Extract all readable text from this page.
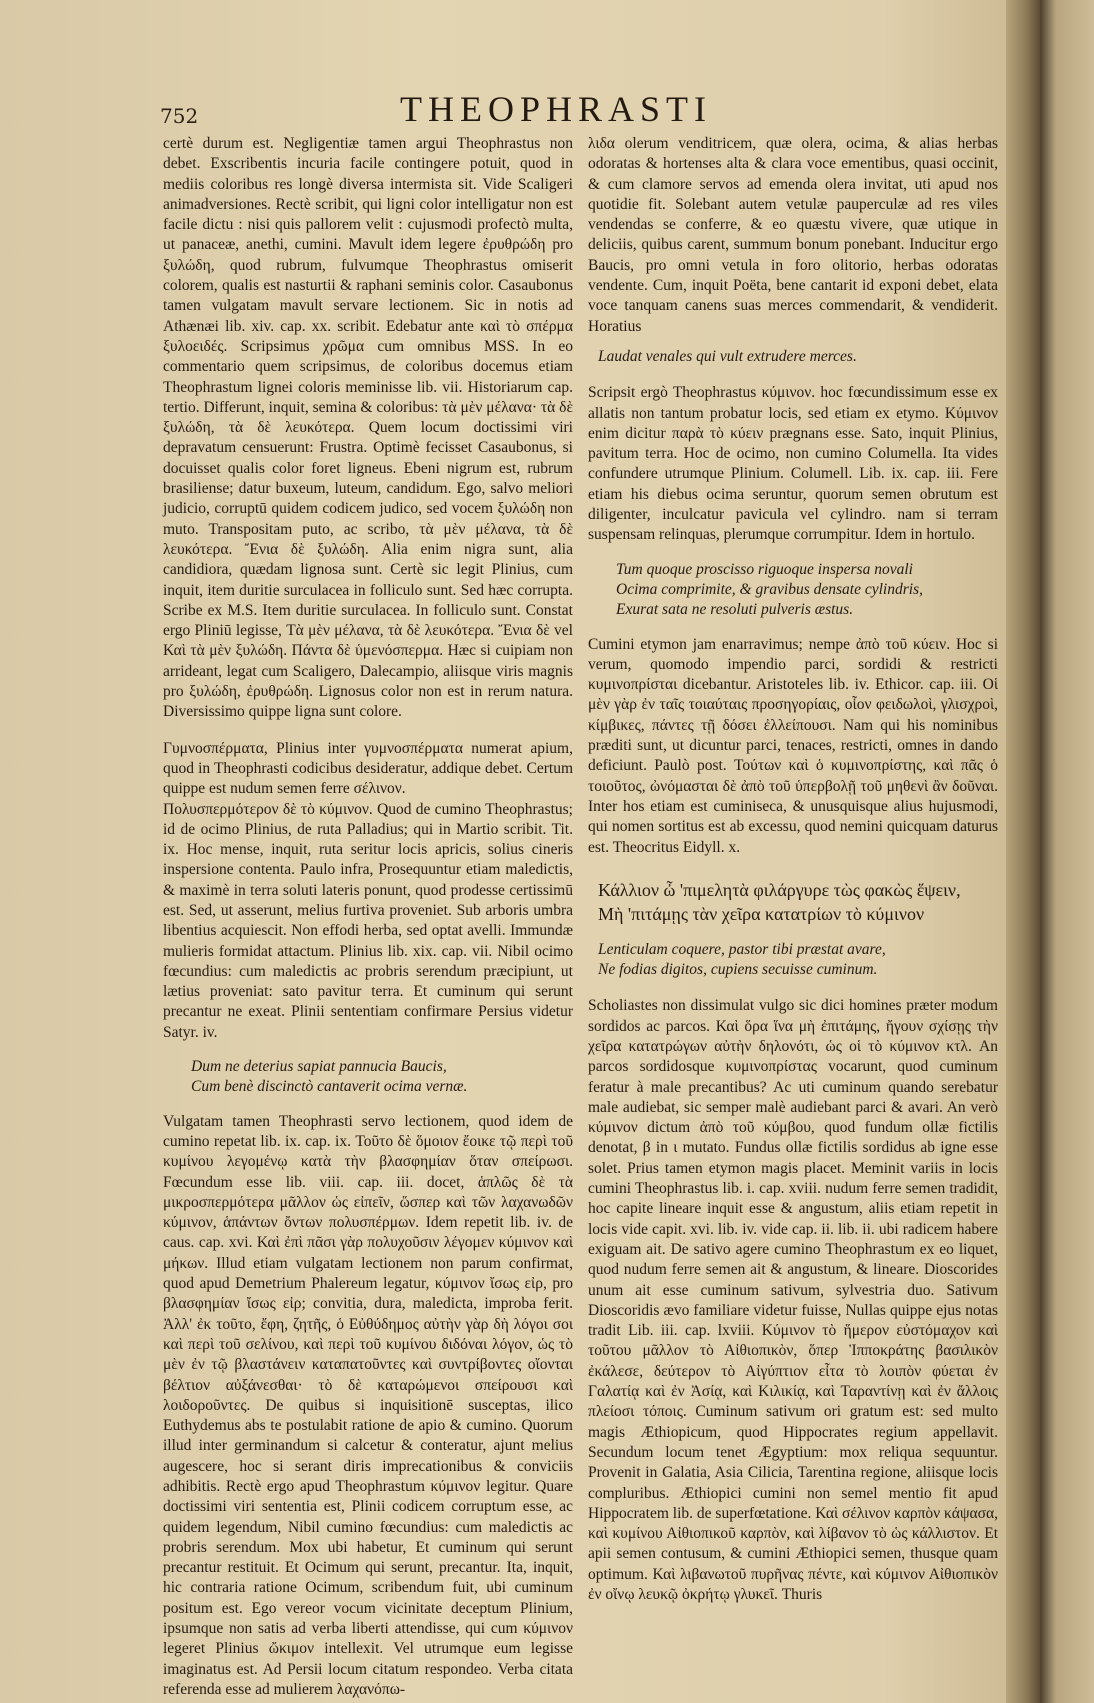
752	THEOPHRASTI

certè durum est. Negligentiæ tamen argui Theophrastus non debet. Exscribentis incuria facile contingere potuit, quod in mediis coloribus res longè diversa intermista sit. Vide Scaligeri animadversiones. Rectè scribit, qui ligni color intelligatur non est facile dictu : nisi quis pallorem velit : cujusmodi profectò multa, ut panaceæ, anethi, cumini. Mavult idem legere ἐρυθρώδη pro ξυλώδη, quod rubrum, fulvumque Theophrastus omiserit colorem, qualis est nasturtii & raphani seminis color. Casaubonus tamen vulgatam mavult servare lectionem. Sic in notis ad Athænæi lib. xiv. cap. xx. scribit. Edebatur ante καὶ τὸ σπέρμα ξυλοειδές. Scripsimus χρῶμα cum omnibus MSS. In eo commentario quem scripsimus, de coloribus docemus etiam Theophrastum lignei coloris meminisse lib. vii. Historiarum cap. tertio. Differunt, inquit, semina & coloribus: τὰ μὲν μέλανα· τὰ δὲ ξυλώδη, τὰ δὲ λευκότερα. Quem locum doctissimi viri depravatum censuerunt: Frustra. Optimè fecisset Casaubonus, si docuisset qualis color foret ligneus. Ebeni nigrum est, rubrum brasiliense; datur buxeum, luteum, candidum. Ego, salvo meliori judicio, corruptū quidem codicem judico, sed vocem ξυλώδη non muto. Transpositam puto, ac scribo, τὰ μὲν μέλανα, τὰ δὲ λευκότερα. Ἔνια δὲ ξυλώδη. Alia enim nigra sunt, alia candidiora, quædam lignosa sunt. Certè sic legit Plinius, cum inquit, item duritie surculacea in folliculo sunt. Sed hæc corrupta. Scribe ex M.S. Item duritie surculacea. In folliculo sunt. Constat ergo Pliniū legisse, Τὰ μὲν μέλανα, τὰ δὲ λευκότερα. Ἔνια δὲ vel Καὶ τὰ μὲν ξυλώδη. Πάντα δὲ ὑμενόσπερμα. Hæc si cuipiam non arrideant, legat cum Scaligero, Dalecampio, aliisque viris magnis pro ξυλώδη, ἐρυθρώδη. Lignosus color non est in rerum natura. Diversissimo quippe ligna sunt colore.

Γυμνοσπέρματα, Plinius inter γυμνοσπέρματα numerat apium, quod in Theophrasti codicibus desideratur, addique debet. Certum quippe est nudum semen ferre σέλινον.

Πολυσπερμότερον δὲ τὸ κύμινον. Quod de cumino Theophrastus; id de ocimo Plinius, de ruta Palladius; qui in Martio scribit. Tit. ix. Hoc mense, inquit, ruta seritur locis apricis, solius cineris inspersione contenta. Paulo infra, Prosequuntur etiam maledictis, & maximè in terra soluti lateris ponunt, quod prodesse certissimū est. Sed, ut asserunt, melius furtiva proveniet. Sub arboris umbra libentius acquiescit. Non effodi herba, sed optat avelli. Immundæ mulieris formidat attactum. Plinius lib. xix. cap. vii. Nibil ocimo fœcundius: cum maledictis ac probris serendum præcipiunt, ut lætius proveniat: sato pavitur terra. Et cuminum qui serunt precantur ne exeat. Plinii sententiam confirmare Persius videtur Satyr. iv.

Dum ne deterius sapiat pannucia Baucis,
Cum benè discinctò cantaverit ocima vernæ.

Vulgatam tamen Theophrasti servo lectionem, quod idem de cumino repetat lib. ix. cap. ix. Τοῦτο δὲ ὅμοιον ἔοικε τῷ περὶ τοῦ κυμίνου λεγομένῳ κατὰ τὴν βλασφημίαν ὅταν σπείρωσι. Fœcundum esse lib. viii. cap. iii. docet, ἁπλῶς δὲ τὰ μικροσπερμότερα μᾶλλον ὡς εἰπεῖν, ὥσπερ καὶ τῶν λαχανωδῶν κύμινον, ἁπάντων ὄντων πολυσπέρμων. Idem repetit lib. iv. de caus. cap. xvi. Καὶ ἐπὶ πᾶσι γὰρ πολυχοῦσιν λέγομεν κύμινον καὶ μήκων. Illud etiam vulgatam lectionem non parum confirmat, quod apud Demetrium Phalereum legatur, κύμινον ἴσως εἰρ, pro βλασφημίαν ἴσως εἰρ; convitia, dura, maledicta, improba ferit. Ἀλλ' ἐκ τοῦτο, ἔφη, ζητῆς, ὁ Εὐθύδημος αὐτὴν γὰρ δὴ λόγοι σοι καὶ περὶ τοῦ σελίνου, καὶ περὶ τοῦ κυμίνου διδόναι λόγον, ὡς τὸ μὲν ἐν τῷ βλαστάνειν καταπατοῦντες καὶ συντρίβοντες οἴονται βέλτιον αὐξάνεσθαι· τὸ δὲ καταρώμενοι σπείρουσι καὶ λοιδοροῦντες. De quibus si inquisitionē susceptas, ilico Euthydemus abs te postulabit ratione de apio & cumino. Quorum illud inter germinandum si calcetur & conteratur, ajunt melius augescere, hoc si serant diris imprecationibus & conviciis adhibitis. Rectè ergo apud Theophrastum κύμινον legitur. Quare doctissimi viri sententia est, Plinii codicem corruptum esse, ac quidem legendum, Nibil cumino fœcundius: cum maledictis ac probris serendum. Mox ubi habetur, Et cuminum qui serunt precantur restituit. Et Ocimum qui serunt, precantur. Ita, inquit, hic contraria ratione Ocimum, scribendum fuit, ubi cuminum positum est. Ego vereor vocum vicinitate deceptum Plinium, ipsumque non satis ad verba liberti attendisse, qui cum κύμινον legeret Plinius ὤκιμον intellexit. Vel utrumque eum legisse imaginatus est. Ad Persii locum citatum respondeo. Verba citata referenda esse ad mulierem λαχανόπω-

λιδα olerum venditricem, quæ olera, ocima, & alias herbas odoratas & hortenses alta & clara voce ementibus, quasi occinit, & cum clamore servos ad emenda olera invitat, uti apud nos quotidie fit. Solebant autem vetulæ pauperculæ ad res viles vendendas se conferre, & eo quæstu vivere, quæ utique in deliciis, quibus carent, summum bonum ponebant. Inducitur ergo Baucis, pro omni vetula in foro olitorio, herbas odoratas vendente. Cum, inquit Poëta, bene cantarit id exponi debet, elata voce tanquam canens suas merces commendarit, & vendiderit. Horatius

Laudat venales qui vult extrudere merces.

Scripsit ergò Theophrastus κύμινον. hoc fœcundissimum esse ex allatis non tantum probatur locis, sed etiam ex etymo. Κύμινον enim dicitur παρὰ τὸ κύειν prægnans esse. Sato, inquit Plinius, pavitum terra. Hoc de ocimo, non cumino Columella. Ita vides confundere utrumque Plinium. Columell. Lib. ix. cap. iii. Fere etiam his diebus ocima seruntur, quorum semen obrutum est diligenter, inculcatur pavicula vel cylindro. nam si terram suspensam relinquas, plerumque corrumpitur. Idem in hortulo.

Tum quoque proscisso riguoque inspersa novali
Ocima comprimite, & gravibus densate cylindris,
Exurat sata ne resoluti pulveris æstus.

Cumini etymon jam enarravimus; nempe ἀπὸ τοῦ κύειν. Hoc si verum, quomodo impendio parci, sordidi & restricti κυμινοπρίσται dicebantur. Aristoteles lib. iv. Ethicor. cap. iii. Οἱ μὲν γὰρ ἐν ταῖς τοιαύταις προσηγορίαις, οἷον φειδωλοὶ, γλισχροὶ, κίμβικες, πάντες τῇ δόσει ἐλλείπουσι. Nam qui his nominibus præditi sunt, ut dicuntur parci, tenaces, restricti, omnes in dando deficiunt. Paulò post. Τούτων καὶ ὁ κυμινοπρίστης, καὶ πᾶς ὁ τοιοῦτος, ὠνόμασται δὲ ἀπὸ τοῦ ὑπερβολῇ τοῦ μηθενὶ ἂν δοῦναι. Inter hos etiam est cuminiseca, & unusquisque alius hujusmodi, qui nomen sortitus est ab excessu, quod nemini quicquam daturus est. Theocritus Eidyll. x.

Κάλλιον ὦ 'πιμελητὰ φιλάργυρε τὼς φακὼς ἕψειν,
Μὴ 'πιτάμῃς τὰν χεῖρα κατατρίων τὸ κύμινον
Lenticulam coquere, pastor tibi præstat avare,
Ne fodias digitos, cupiens secuisse cuminum.

Scholiastes non dissimulat vulgo sic dici homines præter modum sordidos ac parcos. Καὶ ὅρα ἵνα μὴ ἐπιτάμης, ἤγουν σχίσῃς τὴν χεῖρα κατατρώγων αὐτὴν δηλονότι, ὡς οἱ τὸ κύμινον κτλ. An parcos sordidosque κυμινοπρίστας vocarunt, quod cuminum feratur à male precantibus? Ac uti cuminum quando serebatur male audiebat, sic semper malè audiebant parci & avari. An verò κύμινον dictum ἀπὸ τοῦ κύμβου, quod fundum ollæ fictilis denotat, β in ι mutato. Fundus ollæ fictilis sordidus ab igne esse solet. Prius tamen etymon magis placet. Meminit variis in locis cumini Theophrastus lib. i. cap. xviii. nudum ferre semen tradidit, hoc capite lineare inquit esse & angustum, aliis etiam repetit in locis vide capit. xvi. lib. iv. vide cap. ii. lib. ii. ubi radicem habere exiguam ait. De sativo agere cumino Theophrastum ex eo liquet, quod nudum ferre semen ait & angustum, & lineare. Dioscorides unum ait esse cuminum sativum, sylvestria duo. Sativum Dioscoridis ævo familiare videtur fuisse, Nullas quippe ejus notas tradit Lib. iii. cap. lxviii. Κύμινον τὸ ἥμερον εὐστόμαχον καὶ τοῦτου μᾶλλον τὸ Αἰθιοπικὸν, ὅπερ Ἱπποκράτης βασιλικὸν ἐκάλεσε, δεύτερον τὸ Αἰγύπτιον εἶτα τὸ λοιπὸν φύεται ἐν Γαλατίᾳ καὶ ἐν Ἀσίᾳ, καὶ Κιλικίᾳ, καὶ Ταραντίνῃ καὶ ἐν ἄλλοις πλείοσι τόποις. Cuminum sativum ori gratum est: sed multo magis Æthiopicum, quod Hippocrates regium appellavit. Secundum locum tenet Ægyptium: mox reliqua sequuntur. Provenit in Galatia, Asia Cilicia, Tarentina regione, aliisque locis compluribus. Æthiopici cumini non semel mentio fit apud Hippocratem lib. de superfœtatione. Καὶ σέλινον καρπὸν κάψασα, καὶ κυμίνου Αἰθιοπικοῦ καρπὸν, καὶ λίβανον τὸ ὡς κάλλιστον. Et apii semen contusum, & cumini Æthiopici semen, thusque quam optimum. Καὶ λιβανωτοῦ πυρῆνας πέντε, καὶ κύμινον Αἰθιοπικὸν ἐν οἴνῳ λευκῷ ὀκρήτῳ γλυκεῖ. Thuris
